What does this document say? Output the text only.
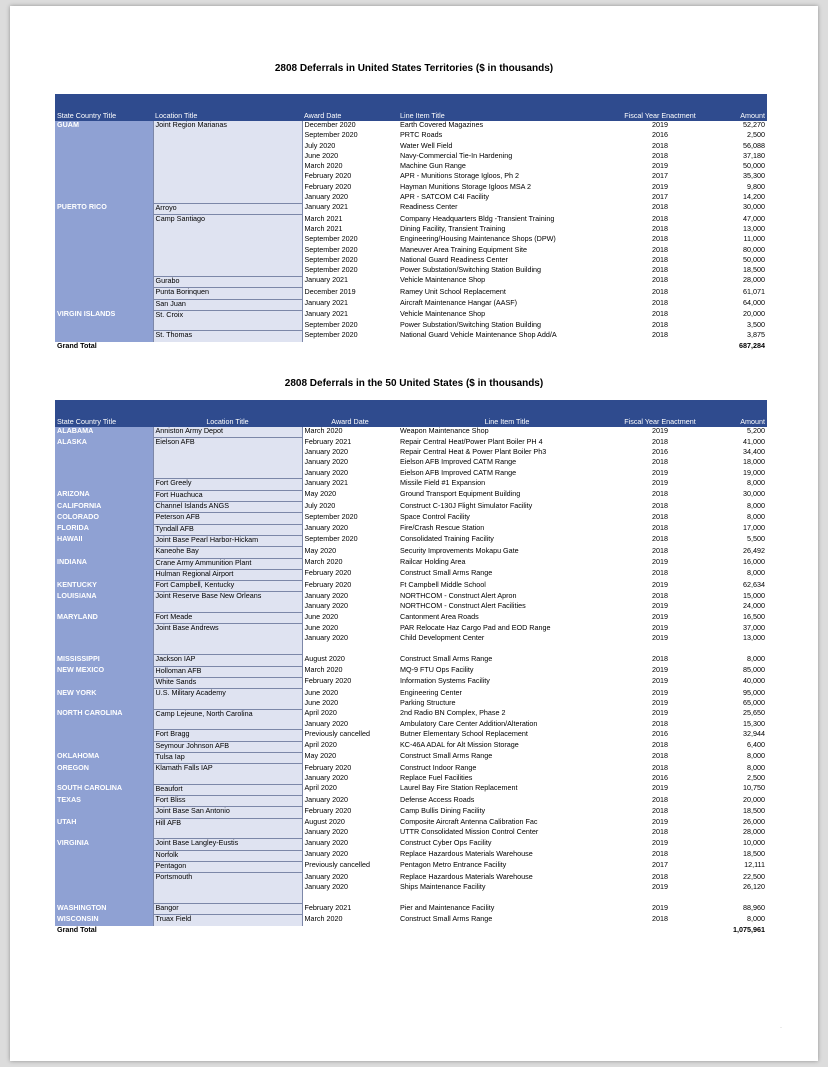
2808 Deferrals in United States Territories ($ in thousands)
State Country Title	Location Title	Award Date	Line Item Title	Fiscal Year Enactment	Amount
GUAM	Joint Region Marianas	December 2020	Earth Covered Magazines	2019	52,270
		September 2020	PRTC Roads	2016	2,500
		July 2020	Water Well Field	2018	56,088
		June 2020	Navy-Commercial Tie-In Hardening	2018	37,180
		March 2020	Machine Gun Range	2019	50,000
		February 2020	APR - Munitions Storage Igloos, Ph 2	2017	35,300
		February 2020	Hayman Munitions Storage Igloos MSA 2	2019	9,800
		January 2020	APR - SATCOM C4I Facility	2017	14,200
PUERTO RICO	Arroyo	January 2021	Readiness Center	2018	30,000
	Camp Santiago	March 2021	Company Headquarters Bldg -Transient Training	2018	47,000
		March 2021	Dining Facility, Transient Training	2018	13,000
		September 2020	Engineering/Housing Maintenance Shops (DPW)	2018	11,000
		September 2020	Maneuver Area Training Equipment Site	2018	80,000
		September 2020	National Guard Readiness Center	2018	50,000
		September 2020	Power Substation/Switching Station Building	2018	18,500
	Gurabo	January 2021	Vehicle Maintenance Shop	2018	28,000
	Punta Borinquen	December 2019	Ramey Unit School Replacement	2018	61,071
	San Juan	January 2021	Aircraft Maintenance Hangar (AASF)	2018	64,000
VIRGIN ISLANDS	St. Croix	January 2021	Vehicle Maintenance Shop	2018	20,000
		September 2020	Power Substation/Switching Station Building	2018	3,500
	St. Thomas	September 2020	National Guard Vehicle Maintenance Shop Add/A	2018	3,875
Grand Total					687,284
2808 Deferrals in the 50 United States ($ in thousands)
State Country Title	Location Title	Award Date	Line Item Title	Fiscal Year Enactment	Amount
ALABAMA	Anniston Army Depot	March 2020	Weapon Maintenance Shop	2019	5,200
ALASKA	Eielson AFB	February 2021	Repair Central Heat/Power Plant Boiler PH 4	2018	41,000
		January 2020	Repair Central Heat & Power Plant Boiler Ph3	2016	34,400
		January 2020	Eielson AFB Improved CATM Range	2018	18,000
		January 2020	Eielson AFB Improved CATM Range	2019	19,000
	Fort Greely	January 2021	Missile Field #1 Expansion	2019	8,000
ARIZONA	Fort Huachuca	May 2020	Ground Transport Equipment Building	2018	30,000
CALIFORNIA	Channel Islands ANGS	July 2020	Construct C-130J Flight Simulator Facility	2018	8,000
COLORADO	Peterson AFB	September 2020	Space Control Facility	2018	8,000
FLORIDA	Tyndall AFB	January 2020	Fire/Crash Rescue Station	2018	17,000
HAWAII	Joint Base Pearl Harbor-Hickam	September 2020	Consolidated Training Facility	2018	5,500
	Kaneohe Bay	May 2020	Security Improvements Mokapu Gate	2018	26,492
INDIANA	Crane Army Ammunition Plant	March 2020	Railcar Holding Area	2019	16,000
	Hulman Regional Airport	February 2020	Construct Small Arms Range	2018	8,000
KENTUCKY	Fort Campbell, Kentucky	February 2020	Ft Campbell Middle School	2019	62,634
LOUISIANA	Joint Reserve Base New Orleans	January 2020	NORTHCOM - Construct Alert Apron	2018	15,000
		January 2020	NORTHCOM - Construct Alert Facilities	2019	24,000
MARYLAND	Fort Meade	June 2020	Cantonment Area Roads	2019	16,500
	Joint Base Andrews	June 2020	PAR Relocate Haz Cargo Pad and EOD Range	2019	37,000
		January 2020	Child Development Center	2019	13,000

MISSISSIPPI	Jackson IAP	August 2020	Construct Small Arms Range	2018	8,000
NEW MEXICO	Holloman AFB	March 2020	MQ-9 FTU Ops Facility	2019	85,000
	White Sands	February 2020	Information Systems Facility	2019	40,000
NEW YORK	U.S. Military Academy	June 2020	Engineering Center	2019	95,000
		June 2020	Parking Structure	2019	65,000
NORTH CAROLINA	Camp Lejeune, North Carolina	April 2020	2nd Radio BN Complex, Phase 2	2019	25,650
		January 2020	Ambulatory Care Center Addition/Alteration	2018	15,300
	Fort Bragg	Previously cancelled	Butner Elementary School Replacement	2016	32,944
	Seymour Johnson AFB	April 2020	KC-46A ADAL for Alt Mission Storage	2018	6,400
OKLAHOMA	Tulsa Iap	May 2020	Construct Small Arms Range	2018	8,000
OREGON	Klamath Falls IAP	February 2020	Construct Indoor Range	2018	8,000
		January 2020	Replace Fuel Facilities	2016	2,500
SOUTH CAROLINA	Beaufort	April 2020	Laurel Bay Fire Station Replacement	2019	10,750
TEXAS	Fort Bliss	January 2020	Defense Access Roads	2018	20,000
	Joint Base San Antonio	February 2020	Camp Bullis Dining Facility	2018	18,500
UTAH	Hill AFB	August 2020	Composite Aircraft Antenna Calibration Fac	2019	26,000
		January 2020	UTTR Consolidated Mission Control Center	2018	28,000
VIRGINIA	Joint Base Langley-Eustis	January 2020	Construct Cyber Ops Facility	2019	10,000
	Norfolk	January 2020	Replace Hazardous Materials Warehouse	2018	18,500
	Pentagon	Previously cancelled	Pentagon Metro Entrance Facility	2017	12,111
	Portsmouth	January 2020	Replace Hazardous Materials Warehouse	2018	22,500
		January 2020	Ships Maintenance Facility	2019	26,120

WASHINGTON	Bangor	February 2021	Pier and Maintenance Facility	2019	88,960
WISCONSIN	Truax Field	March 2020	Construct Small Arms Range	2018	8,000
Grand Total					1,075,961
·
